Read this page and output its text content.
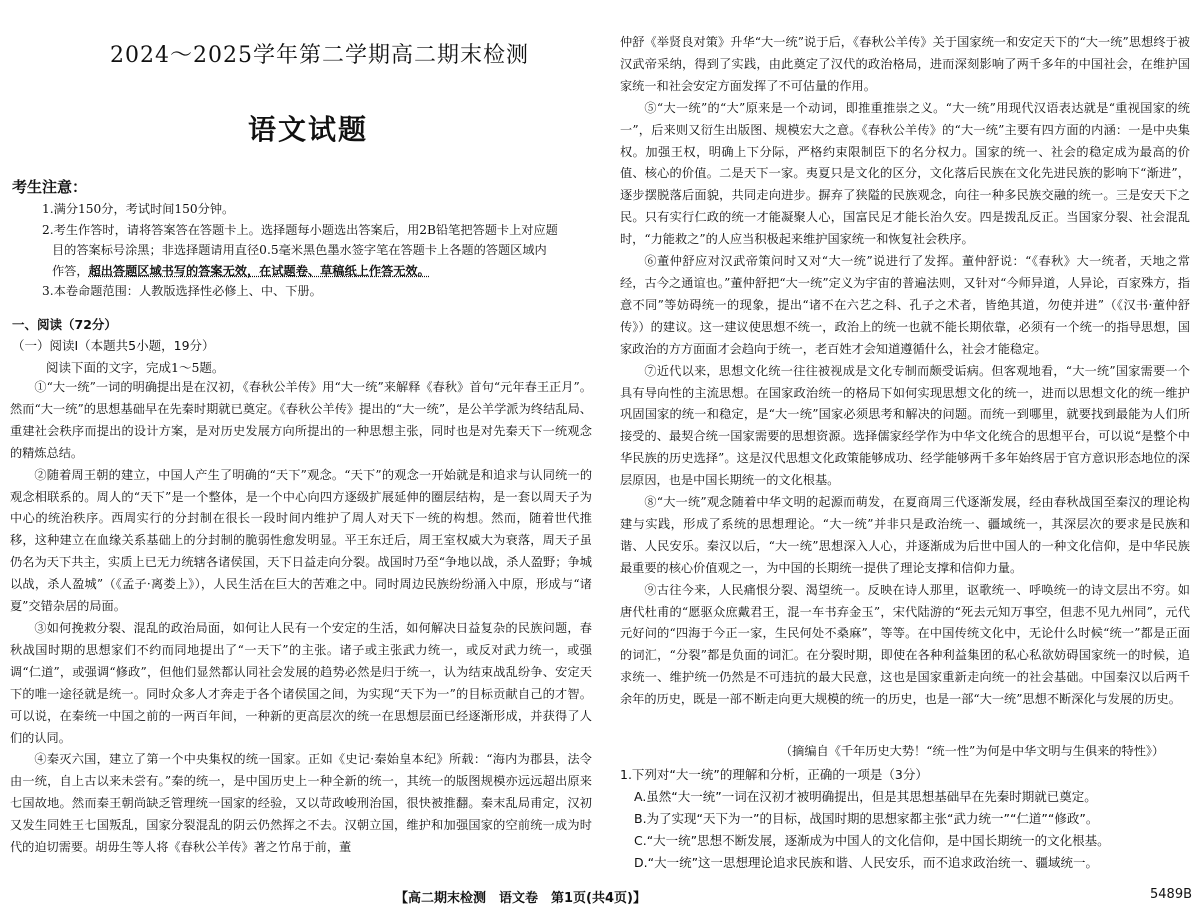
2024～2025学年第二学期高二期末检测
语文试题
考生注意：
1.满分150分，考试时间150分钟。
2.考生作答时，请将答案答在答题卡上。选择题每小题选出答案后，用2B铅笔把答题卡上对应题
目的答案标号涂黑；非选择题请用直径0.5毫米黑色墨水签字笔在答题卡上各题的答题区域内
作答，超出答题区域书写的答案无效，在试题卷、草稿纸上作答无效。
3.本卷命题范围：人教版选择性必修上、中、下册。
一、阅读（72分）
（一）阅读Ⅰ（本题共5小题，19分）
阅读下面的文字，完成1～5题。

①“大一统”一词的明确提出是在汉初，《春秋公羊传》用“大一统”来解释《春秋》首句“元年春王正月”。然而“大一统”的思想基础早在先秦时期就已奠定。《春秋公羊传》提出的“大一统”，是公羊学派为终结乱局、重建社会秩序而提出的设计方案，是对历史发展方向所提出的一种思想主张，同时也是对先秦天下一统观念的精炼总结。

②随着周王朝的建立，中国人产生了明确的“天下”观念。“天下”的观念一开始就是和追求与认同统一的观念相联系的。周人的“天下”是一个整体，是一个中心向四方逐级扩展延伸的圈层结构，是一套以周天子为中心的统治秩序。西周实行的分封制在很长一段时间内维护了周人对天下一统的构想。然而，随着世代推移，这种建立在血缘关系基础上的分封制的脆弱性愈发明显。平王东迁后，周王室权威大为衰落，周天子虽仍名为天下共主，实质上已无力统辖各诸侯国，天下日益走向分裂。战国时乃至“争地以战，杀人盈野；争城以战，杀人盈城”（《孟子·离娄上》），人民生活在巨大的苦难之中。同时周边民族纷纷涌入中原，形成与“诸夏”交错杂居的局面。

③如何挽救分裂、混乱的政治局面，如何让人民有一个安定的生活，如何解决日益复杂的民族问题，春秋战国时期的思想家们不约而同地提出了“一天下”的主张。诸子或主张武力统一，或反对武力统一，或强调“仁道”，或强调“修政”，但他们显然都认同社会发展的趋势必然是归于统一，认为结束战乱纷争、安定天下的唯一途径就是统一。同时众多人才奔走于各个诸侯国之间，为实现“天下为一”的目标贡献自己的才智。可以说，在秦统一中国之前的一两百年间，一种新的更高层次的统一在思想层面已经逐渐形成，并获得了人们的认同。

④秦灭六国，建立了第一个中央集权的统一国家。正如《史记·秦始皇本纪》所载：“海内为郡县，法令由一统，自上古以来未尝有。”秦的统一，是中国历史上一种全新的统一，其统一的版图规模亦远远超出原来七国故地。然而秦王朝尚缺乏管理统一国家的经验，又以苛政峻刑治国，很快被推翻。秦末乱局甫定，汉初又发生同姓王七国叛乱，国家分裂混乱的阴云仍然挥之不去。汉朝立国，维护和加强国家的空前统一成为时代的迫切需要。胡毋生等人将《春秋公羊传》著之竹帛于前，董

仲舒《举贤良对策》升华“大一统”说于后，《春秋公羊传》关于国家统一和安定天下的“大一统”思想终于被汉武帝采纳，得到了实践，由此奠定了汉代的政治格局，进而深刻影响了两千多年的中国社会，在维护国家统一和社会安定方面发挥了不可估量的作用。

⑤“大一统”的“大”原来是一个动词，即推重推崇之义。“大一统”用现代汉语表达就是“重视国家的统一”，后来则又衍生出版图、规模宏大之意。《春秋公羊传》的“大一统”主要有四方面的内涵：一是中央集权。加强王权，明确上下分际，严格约束限制臣下的名分权力。国家的统一、社会的稳定成为最高的价值、核心的价值。二是天下一家。夷夏只是文化的区分，文化落后民族在文化先进民族的影响下“渐进”，逐步摆脱落后面貌，共同走向进步。摒弃了狭隘的民族观念，向往一种多民族交融的统一。三是安天下之民。只有实行仁政的统一才能凝聚人心，国富民足才能长治久安。四是拨乱反正。当国家分裂、社会混乱时，“力能救之”的人应当积极起来维护国家统一和恢复社会秩序。

⑥董仲舒应对汉武帝策问时又对“大一统”说进行了发挥。董仲舒说：“《春秋》大一统者，天地之常经，古今之通谊也。”董仲舒把“大一统”定义为宇宙的普遍法则，又针对“今师异道，人异论，百家殊方，指意不同”等妨碍统一的现象，提出“诸不在六艺之科、孔子之术者，皆绝其道，勿使并进”（《汉书·董仲舒传》）的建议。这一建议使思想不统一，政治上的统一也就不能长期依靠，必须有一个统一的指导思想，国家政治的方方面面才会趋向于统一，老百姓才会知道遵循什么，社会才能稳定。

⑦近代以来，思想文化统一往往被视成是文化专制而颇受诟病。但客观地看，“大一统”国家需要一个具有导向性的主流思想。在国家政治统一的格局下如何实现思想文化的统一，进而以思想文化的统一维护巩固国家的统一和稳定，是“大一统”国家必须思考和解决的问题。而统一到哪里，就要找到最能为人们所接受的、最契合统一国家需要的思想资源。选择儒家经学作为中华文化统合的思想平台，可以说“是整个中华民族的历史选择”。这是汉代思想文化政策能够成功、经学能够两千多年始终居于官方意识形态地位的深层原因，也是中国长期统一的文化根基。

⑧“大一统”观念随着中华文明的起源而萌发，在夏商周三代逐渐发展，经由春秋战国至秦汉的理论构建与实践，形成了系统的思想理论。“大一统”并非只是政治统一、疆域统一，其深层次的要求是民族和谐、人民安乐。秦汉以后，“大一统”思想深入人心，并逐渐成为后世中国人的一种文化信仰，是中华民族最重要的核心价值观之一，为中国的长期统一提供了理论支撑和信仰力量。

⑨古往今来，人民痛恨分裂、渴望统一。反映在诗人那里，讴歌统一、呼唤统一的诗文层出不穷。如唐代杜甫的“愿驱众庶戴君王，混一车书弃金玉”，宋代陆游的“死去元知万事空，但悲不见九州同”，元代元好问的“四海于今正一家，生民何处不桑麻”，等等。在中国传统文化中，无论什么时候“统一”都是正面的词汇，“分裂”都是负面的词汇。在分裂时期，即使在各种利益集团的私心私欲妨碍国家统一的时候，追求统一、维护统一仍然是不可违抗的最大民意，这也是国家重新走向统一的社会基础。中国秦汉以后两千余年的历史，既是一部不断走向更大规模的统一的历史，也是一部“大一统”思想不断深化与发展的历史。

（摘编自《千年历史大势！“统一性”为何是中华文明与生俱来的特性》）

1.下列对“大一统”的理解和分析，正确的一项是（3分）

A.虽然“大一统”一词在汉初才被明确提出，但是其思想基础早在先秦时期就已奠定。

B.为了实现“天下为一”的目标，战国时期的思想家都主张“武力统一”“仁道”“修政”。

C.“大一统”思想不断发展，逐渐成为中国人的文化信仰，是中国长期统一的文化根基。

D.“大一统”这一思想理论追求民族和谐、人民安乐，而不追求政治统一、疆域统一。

【高二期末检测　语文卷　第1页(共4页)】	5489B
